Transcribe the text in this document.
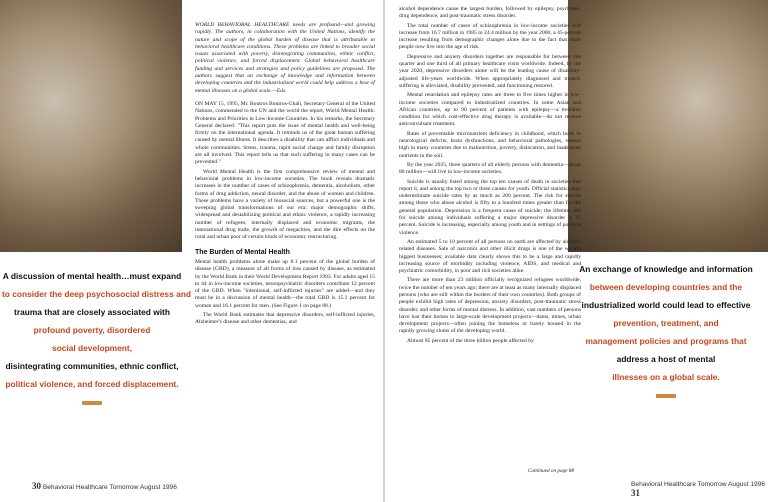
A discussion of mental health…must expand
to consider the deep psychosocial distress and
trauma that are closely associated with
profound poverty, disordered
social development,
disintegrating communities, ethnic conflict,
political violence, and forced displacement.
WORLD BEHAVIORAL HEALTHCARE needs are profound—and growing rapidly. The authors, in collaboration with the United Nations, identify the nature and scope of the global burden of disease that is attributable to behavioral healthcare conditions. These problems are linked to broader social issues associated with poverty, disintegrating communities, ethnic conflict, political violence, and forced displacement. Global behavioral healthcare funding and services and strategies and policy guidelines are proposed. The authors suggest that an exchange of knowledge and information between developing countries and the industrialized world could help address a host of mental illnesses on a global scale.—Eds.

ON MAY 15, 1995, Mr. Boutros Boutros-Ghali, Secretary General of the United Nations, commended to the UN and the world the report, World Mental Health: Problems and Priorities in Low-Income Countries. In his remarks, the Secretary General declared: "This report puts the issue of mental health and well-being firmly on the international agenda. It reminds us of the great human suffering caused by mental illness. It describes a disability that can afflict individuals and whole communities. Stress, trauma, rapid social change and family disruption are all involved. This report tells us that such suffering in many cases can be prevented."

World Mental Health is the first comprehensive review of mental and behavioral problems in low-income societies. The book reveals dramatic increases in the number of cases of schizophrenia, dementia, alcoholism, other forms of drug addiction, neural disorder, and the abuse of women and children. These problems have a variety of biosocial sources, but a powerful one is the sweeping global transformations of our era: major demographic shifts, widespread and destabilizing political and ethnic violence, a rapidly increasing number of refugees, internally displaced and economic migrants, the international drug trade, the growth of megacities, and the dire effects on the rural and urban poor of certain kinds of economic restructuring.

The Burden of Mental Health

Mental health problems alone make up 8.1 percent of the global burden of disease (GBD), a measure of all forms of loss caused by disease, as estimated by the World Bank in their World Development Report 1993. For adults aged 15 to 44 in low-income societies, neuropsychiatric disorders contribute 12 percent of the GBD. When "intentional, self-inflicted injuries" are added—and they must be in a discussion of mental health—the total GBD is 15.1 percent for women and 16.1 percent for men. (See Figure 1 on page 88.)

The World Bank estimates that depressive disorders, self-inflicted injuries, Alzheimer's disease and other dementias, and

alcohol dependence cause the largest burden, followed by epilepsy, psychoses, drug dependence, and post-traumatic stress disorder.

The total number of cases of schizophrenia in low-income societies will increase from 16.7 million in 1985 to 24.4 million by the year 2000, a 45-percent increase resulting from demographic changes alone due to the fact that more people now live into the age of risk.

Depressive and anxiety disorders together are responsible for between one quarter and one third of all primary healthcare visits worldwide. Indeed, by the year 2020, depressive disorders alone will be the leading cause of disability-adjusted life-years worldwide. When appropriately diagnosed and treated, suffering is alleviated, disability prevented, and functioning restored.

Mental retardation and epilepsy rates are three to five times higher in low-income societies compared to industrialized countries. In some Asian and African countries, up to 90 percent of patients with epilepsy—a treatable condition for which cost-effective drug therapy is available—do not receive anticonvulsant treatment.

Rates of preventable micronutrient deficiency in childhood, which leads to neurological deficits, brain dysfunctions, and behavioral pathologies, remain high in many countries due to malnutrition, poverty, dislocation, and inadequate nutrients in the soil.

By the year 2025, three quarters of all elderly persons with dementia—about 80 million—will live in low-income societies.

Suicide is usually listed among the top ten causes of death in societies that report it, and among the top two or three causes for youth. Official statistics may underestimate suicide rates by as much as 200 percent. The risk for suicide among those who abuse alcohol is fifty to a hundred times greater than for the general population. Depression is a frequent cause of suicide; the lifetime risk for suicide among individuals suffering a major depressive disorder is 15 percent. Suicide is increasing, especially among youth and in settings of political violence.

An estimated 5 to 10 percent of all persons on earth are affected by alcohol-related diseases. Sale of narcotics and other illicit drugs is one of the world's biggest businesses; available data clearly shows this to be a large and rapidly increasing source of morbidity including violence, AIDS, and medical and psychiatric comorbidity, in poor and rich societies alike.

There are more than 23 million officially recognized refugees worldwide, twice the number of ten years ago; there are at least as many internally displaced persons (who are still within the borders of their own countries). Both groups of people exhibit high rates of depression, anxiety disorders, post-traumatic stress disorder, and other forms of mental distress. In addition, vast numbers of persons have lost their homes to large-scale development projects—dams, mines, urban development projects—often joining the homeless or barely housed in the rapidly growing slums of the developing world.

Almost 85 percent of the three billion people affected by

Continued on page 88
An exchange of knowledge and information
between developing countries and the
industrialized world could lead to effective
prevention, treatment, and
management policies and programs that
address a host of mental
illnesses on a global scale.
30 Behavioral Healthcare Tomorrow August 1996	Behavioral Healthcare Tomorrow August 1996 31
